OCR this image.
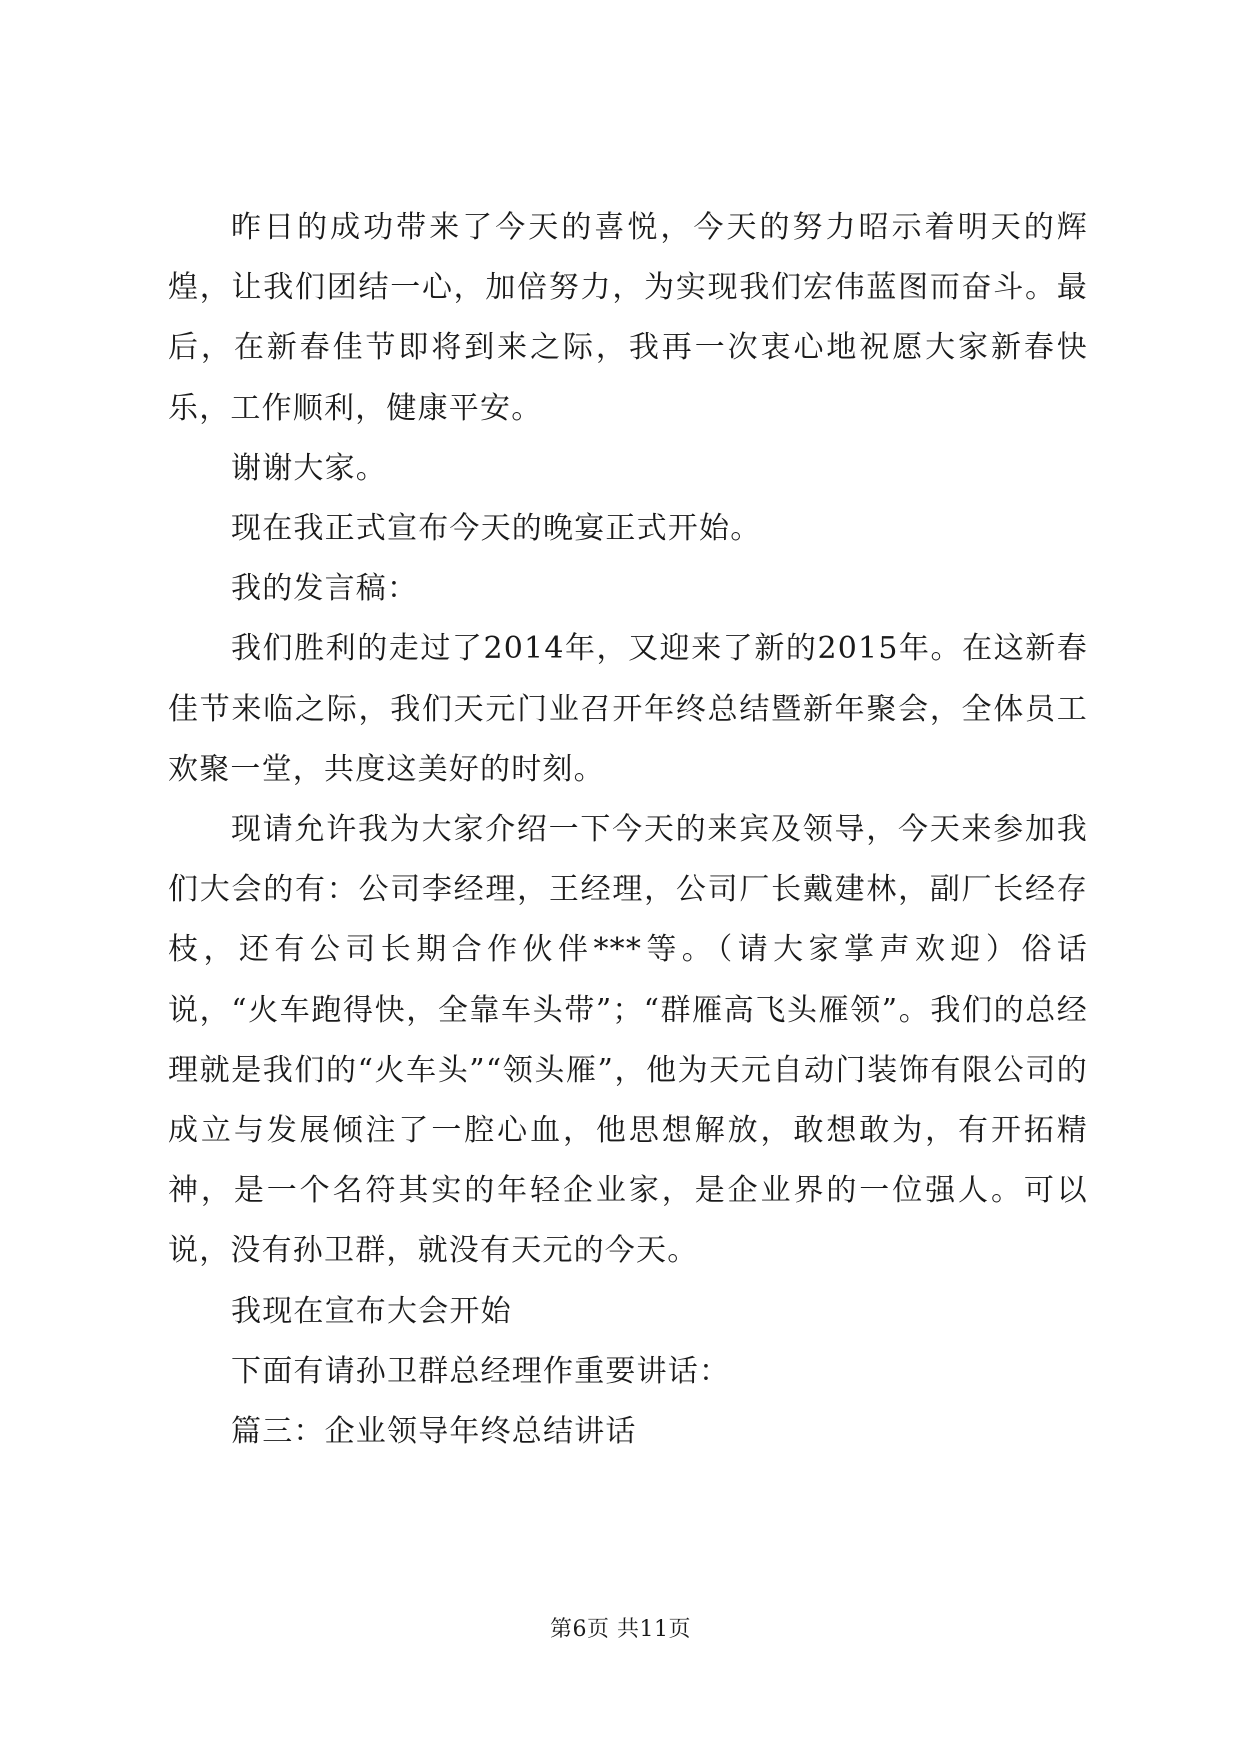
昨日的成功带来了今天的喜悦，今天的努力昭示着明天的辉煌，让我们团结一心，加倍努力，为实现我们宏伟蓝图而奋斗。最后，在新春佳节即将到来之际，我再一次衷心地祝愿大家新春快乐，工作顺利，健康平安。

谢谢大家。

现在我正式宣布今天的晚宴正式开始。

我的发言稿：

我们胜利的走过了2014年，又迎来了新的2015年。在这新春佳节来临之际，我们天元门业召开年终总结暨新年聚会，全体员工欢聚一堂，共度这美好的时刻。

现请允许我为大家介绍一下今天的来宾及领导，今天来参加我们大会的有：公司李经理，王经理，公司厂长戴建林，副厂长经存枝，还有公司长期合作伙伴***等。（请大家掌声欢迎）俗话说，“火车跑得快，全靠车头带”；“群雁高飞头雁领”。我们的总经理就是我们的“火车头”“领头雁”，他为天元自动门装饰有限公司的成立与发展倾注了一腔心血，他思想解放，敢想敢为，有开拓精神，是一个名符其实的年轻企业家，是企业界的一位强人。可以说，没有孙卫群，就没有天元的今天。

我现在宣布大会开始

下面有请孙卫群总经理作重要讲话：

篇三：企业领导年终总结讲话

第6页 共11页
